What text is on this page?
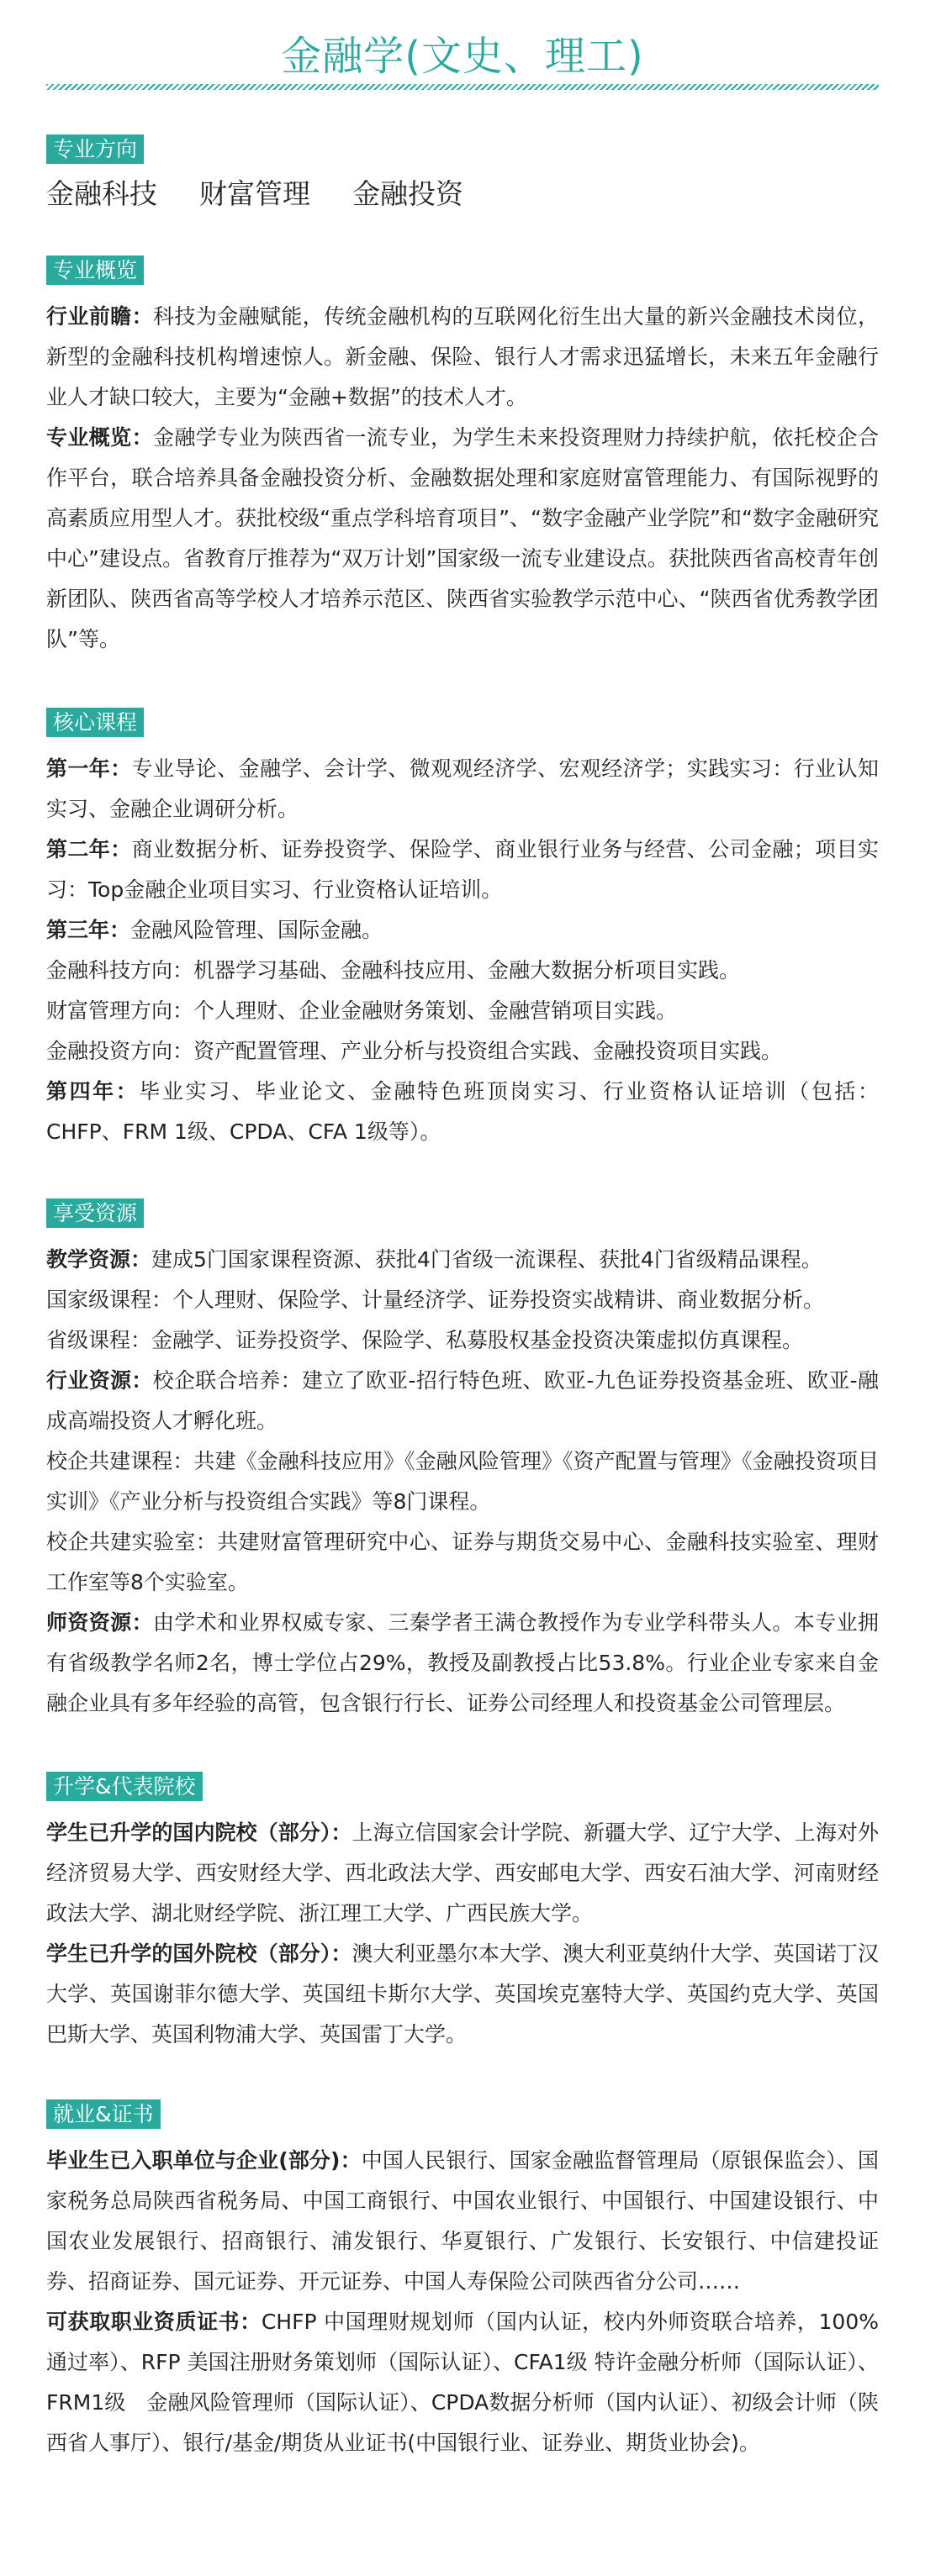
金融学(文史、理工)
专业方向
金融科技 财富管理 金融投资
专业概览

行业前瞻：科技为金融赋能，传统金融机构的互联网化衍生出大量的新兴金融技术岗位，新型的金融科技机构增速惊人。新金融、保险、银行人才需求迅猛增长，未来五年金融行业人才缺口较大，主要为“金融+数据”的技术人才。

专业概览：金融学专业为陕西省一流专业，为学生未来投资理财力持续护航，依托校企合作平台，联合培养具备金融投资分析、金融数据处理和家庭财富管理能力、有国际视野的高素质应用型人才。获批校级“重点学科培育项目”、“数字金融产业学院”和“数字金融研究中心”建设点。省教育厅推荐为“双万计划”国家级一流专业建设点。获批陕西省高校青年创新团队、陕西省高等学校人才培养示范区、陕西省实验教学示范中心、“陕西省优秀教学团队”等。

核心课程

第一年：专业导论、金融学、会计学、微观观经济学、宏观经济学；实践实习：行业认知实习、金融企业调研分析。

第二年：商业数据分析、证券投资学、保险学、商业银行业务与经营、公司金融；项目实习：Top金融企业项目实习、行业资格认证培训。

第三年：金融风险管理、国际金融。

金融科技方向：机器学习基础、金融科技应用、金融大数据分析项目实践。

财富管理方向：个人理财、企业金融财务策划、金融营销项目实践。

金融投资方向：资产配置管理、产业分析与投资组合实践、金融投资项目实践。

第四年：毕业实习、毕业论文、金融特色班顶岗实习、行业资格认证培训（包括：CHFP、FRM 1级、CPDA、CFA 1级等）。

享受资源

教学资源：建成5门国家课程资源、获批4门省级一流课程、获批4门省级精品课程。

国家级课程：个人理财、保险学、计量经济学、证券投资实战精讲、商业数据分析。

省级课程：金融学、证券投资学、保险学、私募股权基金投资决策虚拟仿真课程。

行业资源：校企联合培养：建立了欧亚-招行特色班、欧亚-九色证券投资基金班、欧亚-融成高端投资人才孵化班。

校企共建课程：共建《金融科技应用》《金融风险管理》《资产配置与管理》《金融投资项目实训》《产业分析与投资组合实践》等8门课程。

校企共建实验室：共建财富管理研究中心、证券与期货交易中心、金融科技实验室、理财工作室等8个实验室。

师资资源：由学术和业界权威专家、三秦学者王满仓教授作为专业学科带头人。本专业拥有省级教学名师2名，博士学位占29%，教授及副教授占比53.8%。行业企业专家来自金融企业具有多年经验的高管，包含银行行长、证券公司经理人和投资基金公司管理层。

升学&代表院校

学生已升学的国内院校（部分）：上海立信国家会计学院、新疆大学、辽宁大学、上海对外经济贸易大学、西安财经大学、西北政法大学、西安邮电大学、西安石油大学、河南财经政法大学、湖北财经学院、浙江理工大学、广西民族大学。

学生已升学的国外院校（部分）：澳大利亚墨尔本大学、澳大利亚莫纳什大学、英国诺丁汉大学、英国谢菲尔德大学、英国纽卡斯尔大学、英国埃克塞特大学、英国约克大学、英国巴斯大学、英国利物浦大学、英国雷丁大学。

就业&证书

毕业生已入职单位与企业(部分)：中国人民银行、国家金融监督管理局（原银保监会）、国家税务总局陕西省税务局、中国工商银行、中国农业银行、中国银行、中国建设银行、中国农业发展银行、招商银行、浦发银行、华夏银行、广发银行、长安银行、中信建投证券、招商证券、国元证券、开元证券、中国人寿保险公司陕西省分公司……

可获取职业资质证书：CHFP 中国理财规划师（国内认证，校内外师资联合培养，100%通过率）、RFP 美国注册财务策划师（国际认证）、CFA1级 特许金融分析师（国际认证）、FRM1级　金融风险管理师（国际认证）、CPDA数据分析师（国内认证）、初级会计师（陕西省人事厅）、银行/基金/期货从业证书(中国银行业、证券业、期货业协会)。
